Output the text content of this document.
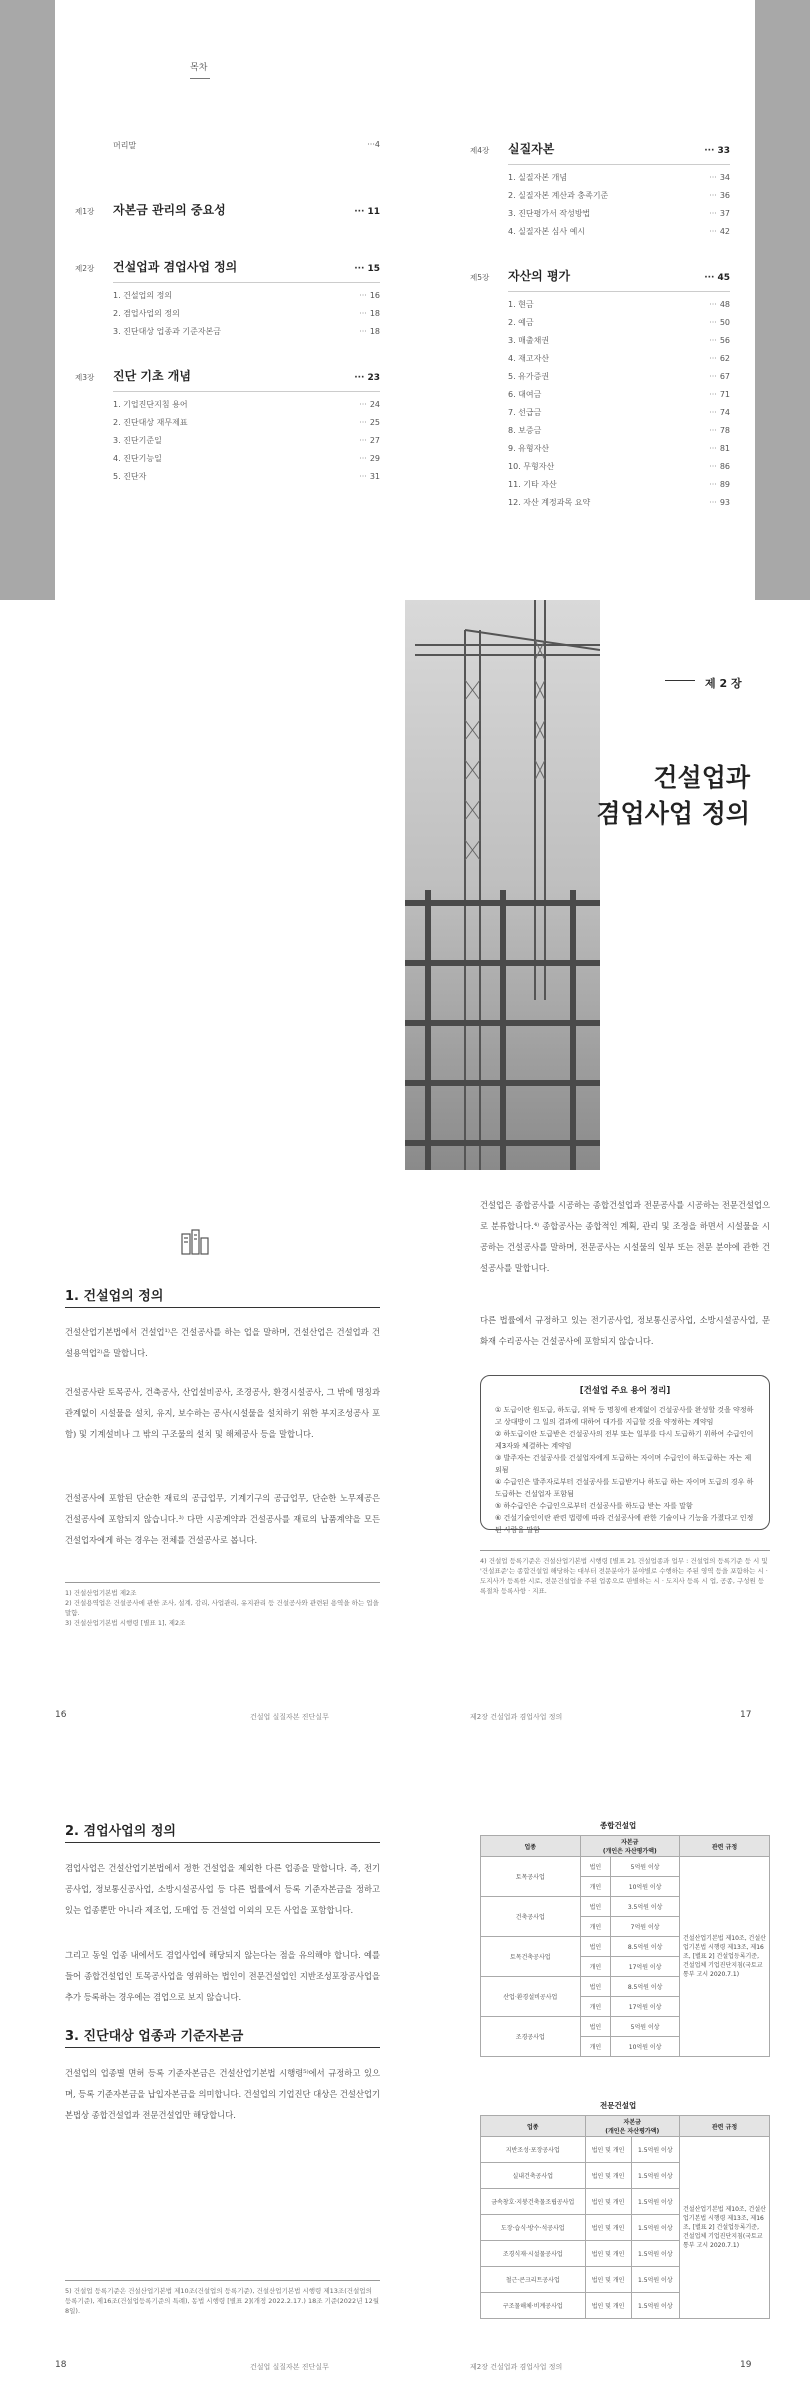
목차
머리말	··· 4
제1장	자본금 관리의 중요성	··· 11
제2장	건설업과 겸업사업 정의	··· 15
1. 건설업의 정의	··· 16
2. 겸업사업의 정의	··· 18
3. 진단대상 업종과 기준자본금	··· 18
제3장	진단 기초 개념	··· 23
1. 기업진단지침 용어	··· 24
2. 진단대상 재무제표	··· 25
3. 진단기준일	··· 27
4. 진단기능일	··· 29
5. 진단자	··· 31
제4장	실질자본	··· 33
1. 실질자본 개념	··· 34
2. 실질자본 계산과 충족기준	··· 36
3. 진단평가서 작성방법	··· 37
4. 실질자본 심사 예시	··· 42
제5장	자산의 평가	··· 45
1. 현금	··· 48
2. 예금	··· 50
3. 매출채권	··· 56
4. 재고자산	··· 62
5. 유가증권	··· 67
6. 대여금	··· 71
7. 선급금	··· 74
8. 보증금	··· 78
9. 유형자산	··· 81
10. 무형자산	··· 86
11. 기타 자산	··· 89
12. 자산 계정과목 요약	··· 93
제 2 장
건설업과
겸업사업 정의
1. 건설업의 정의
건설산업기본법에서 건설업¹⁾은 건설공사를 하는 업을 말하며, 건설산업은 건설업과 건설용역업²⁾을 말합니다.
건설공사란 토목공사, 건축공사, 산업설비공사, 조경공사, 환경시설공사, 그 밖에 명칭과 관계없이 시설물을 설치, 유지, 보수하는 공사(시설물을 설치하기 위한 부지조성공사 포함) 및 기계설비나 그 밖의 구조물의 설치 및 해체공사 등을 말합니다.
건설공사에 포함된 단순한 재료의 공급업무, 기계기구의 공급업무, 단순한 노무제공은 건설공사에 포함되지 않습니다.³⁾ 다만 시공계약과 건설공사를 재료의 납품계약을 모든 건설업자에게 하는 경우는 전체를 건설공사로 봅니다.
1) 건설산업기본법 제2조
2) 건설용역업은 건설공사에 관한 조사, 설계, 감리, 사업관리, 유지관리 등 건설공사와 관련된 용역을 하는 업을 말함.
3) 건설산업기본법 시행령 [별표 1], 제2조
16	건설업 실질자본 진단실무
건설업은 종합공사를 시공하는 종합건설업과 전문공사를 시공하는 전문건설업으로 분류합니다.⁴⁾ 종합공사는 종합적인 계획, 관리 및 조정을 하면서 시설물을 시공하는 건설공사를 말하며, 전문공사는 시설물의 일부 또는 전문 분야에 관한 건설공사를 말합니다.
다른 법률에서 규정하고 있는 전기공사업, 정보통신공사업, 소방시설공사업, 문화재 수리공사는 건설공사에 포함되지 않습니다.
[건설업 주요 용어 정리]
① 도급이란 원도급, 하도급, 위탁 등 명칭에 관계없이 건설공사를 완성할 것을 약정하고 상대방이 그 일의 결과에 대하여 대가를 지급할 것을 약정하는 계약임
② 하도급이란 도급받은 건설공사의 전부 또는 일부를 다시 도급하기 위하여 수급인이 제3자와 체결하는 계약임
③ 발주자는 건설공사를 건설업자에게 도급하는 자이며 수급인이 하도급하는 자는 제외됨
④ 수급인은 발주자로부터 건설공사를 도급받거나 하도급 하는 자이며 도급의 경우 하도급하는 건설업자 포함됨
⑤ 하수급인은 수급인으로부터 건설공사를 하도급 받는 자를 말함
⑥ 건설기술인이란 관련 법령에 따라 건설공사에 관한 기술이나 기능을 가졌다고 인정된 사람을 말함
4) 건설업 등록기준은 건설산업기본법 시행령 [별표 2], 건설업종과 업무 : 건설업의 등록기준 등 시 및 '건설표준'는 종합건설업 해당하는 대부터 전문분야가 분야별로 수행하는 주된 영역 등을 포함하는 시 · 도지사가 등록한 시로, 전문건설업을 주된 업종으로 판별하는 시 · 도지사 등록 시 업, 공종, 구성원 등록절차 등록사항 · 지표.
제2장 건설업과 겸업사업 정의	17
2. 겸업사업의 정의
겸업사업은 건설산업기본법에서 정한 건설업을 제외한 다른 업종을 말합니다. 즉, 전기공사업, 정보통신공사업, 소방시설공사업 등 다른 법률에서 등록 기준자본금을 정하고 있는 업종뿐만 아니라 제조업, 도매업 등 건설업 이외의 모든 사업을 포함합니다.
그리고 동일 업종 내에서도 겸업사업에 해당되지 않는다는 점을 유의해야 합니다. 예를 들어 종합건설업인 토목공사업을 영위하는 법인이 전문건설업인 지반조성포장공사업을 추가 등록하는 경우에는 겸업으로 보지 않습니다.
3. 진단대상 업종과 기준자본금
건설업의 업종별 면허 등록 기준자본금은 건설산업기본법 시행령⁵⁾에서 규정하고 있으며, 등록 기준자본금을 납입자본금을 의미합니다. 건설업의 기업진단 대상은 건설산업기본법상 종합건설업과 전문건설업만 해당합니다.
5) 건설업 등록기준은 건설산업기본법 제10조(건설업의 등록기준), 건설산업기본법 시행령 제13조(건설업의 등록기준), 제16조(건설업등록기준의 특례), 동법 시행령 [별표 2](개정 2022.2.17.) 18조 기준(2022년 12월 8일).
18	건설업 실질자본 진단실무
종합건설업
업종	자본금
(개인은 자산평가액)		관련 규정
토목공사업	법인	5억원 이상	건설산업기본법 제10조, 건설산업기본법 시행령 제13조, 제16조, [별표 2] 건설업등록기준, 건설업체 기업진단지침(국토교통부 고시 2020.7.1)
	개인	10억원 이상	
건축공사업	법인	3.5억원 이상	
	개인	7억원 이상	
토목건축공사업	법인	8.5억원 이상	
	개인	17억원 이상	
산업·환경설비공사업	법인	8.5억원 이상	
	개인	17억원 이상	
조경공사업	법인	5억원 이상	
	개인	10억원 이상	
전문건설업
업종	자본금
(개인은 자산평가액)		관련 규정
지반조성·포장공사업	법인 및 개인	1.5억원 이상	건설산업기본법 제10조, 건설산업기본법 시행령 제13조, 제16조, [별표 2] 건설업등록기준, 건설업체 기업진단지침(국토교통부 고시 2020.7.1)
실내건축공사업	법인 및 개인	1.5억원 이상	
금속창호·지붕건축물조립공사업	법인 및 개인	1.5억원 이상	
도장·습식·방수·석공사업	법인 및 개인	1.5억원 이상	
조경식재·시설물공사업	법인 및 개인	1.5억원 이상	
철근·콘크리트공사업	법인 및 개인	1.5억원 이상	
구조물해체·비계공사업	법인 및 개인	1.5억원 이상	
제2장 건설업과 겸업사업 정의	19
